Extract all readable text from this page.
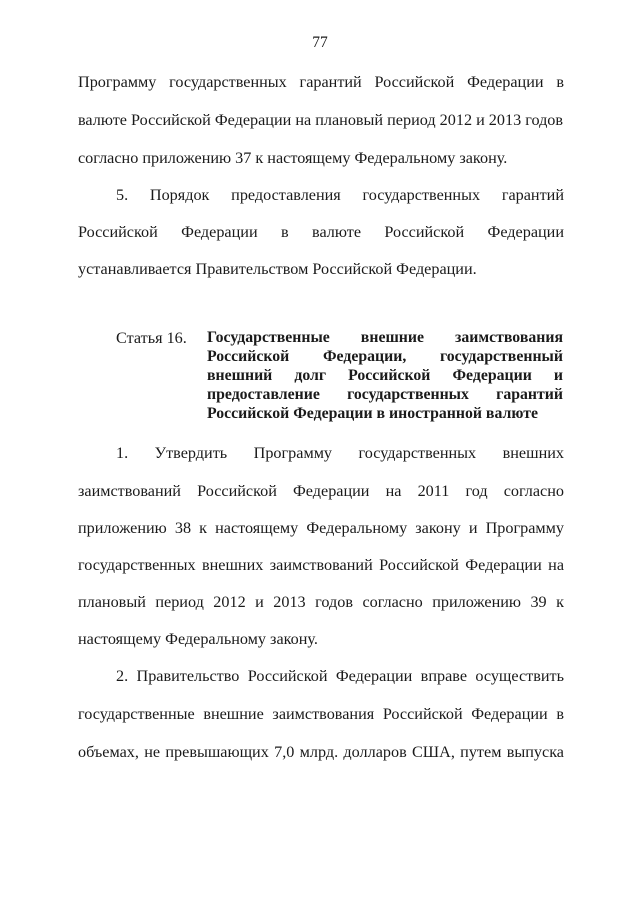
77
Программу государственных гарантий Российской Федерации в
валюте Российской Федерации на плановый период 2012 и 2013 годов
согласно приложению 37 к настоящему Федеральному закону.
5. Порядок предоставления государственных гарантий
Российской Федерации в валюте Российской Федерации
устанавливается Правительством Российской Федерации.
Статья 16. Государственные внешние заимствования
Российской Федерации, государственный
внешний долг Российской Федерации и
предоставление государственных гарантий
Российской Федерации в иностранной валюте
1. Утвердить Программу государственных внешних
заимствований Российской Федерации на 2011 год согласно
приложению 38 к настоящему Федеральному закону и Программу
государственных внешних заимствований Российской Федерации на
плановый период 2012 и 2013 годов согласно приложению 39 к
настоящему Федеральному закону.
2. Правительство Российской Федерации вправе осуществить
государственные внешние заимствования Российской Федерации в
объемах, не превышающих 7,0 млрд. долларов США, путем выпуска
